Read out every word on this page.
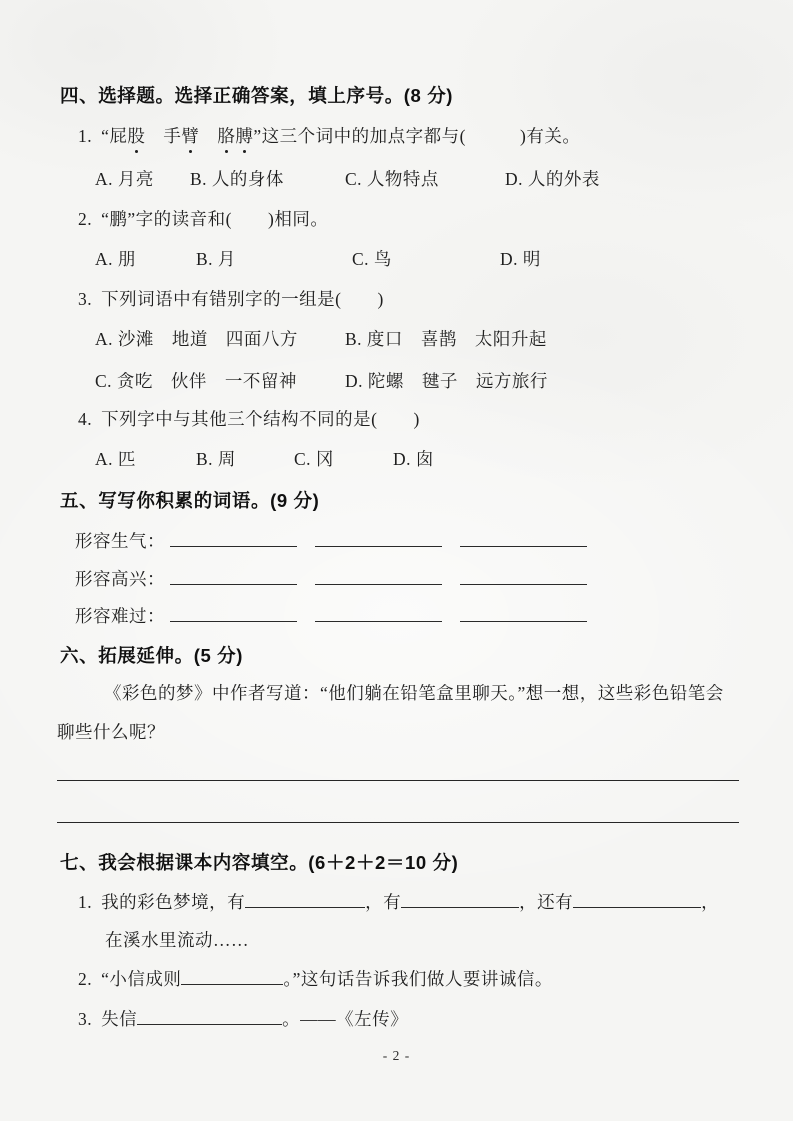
四、选择题。选择正确答案，填上序号。(8 分)
1. “屁股　手臂　 胳膊”这三个词中的加点字都与(　　　)有关。
A. 月亮 B. 人的身体	C. 人物特点	D. 人的外表
2. “鹏”字的读音和(　　)相同。
A. 朋	B. 月	C. 鸟	D. 明
3. 下列词语中有错别字的一组是(　　)
A. 沙滩　地道　四面八方	B. 度口　喜鹊　太阳升起
C. 贪吃　伙伴　一不留神	D. 陀螺　毽子　远方旅行
4. 下列字中与其他三个结构不同的是(　　)
A. 匹	B. 周	C. 冈	D. 囱
五、写写你积累的词语。(9 分)
形容生气：
形容高兴：
形容难过：
六、拓展延伸。(5 分)
《彩色的梦》中作者写道：“他们躺在铅笔盒里聊天。”想一想，这些彩色铅笔会聊些什么呢？
七、我会根据课本内容填空。(6＋2＋2＝10 分)
1. 我的彩色梦境，有	，有	，还有	，
在溪水里流动……
2. “小信成则	。”这句话告诉我们做人要讲诚信。
3. 失信	。——《左传》
- 2 -
